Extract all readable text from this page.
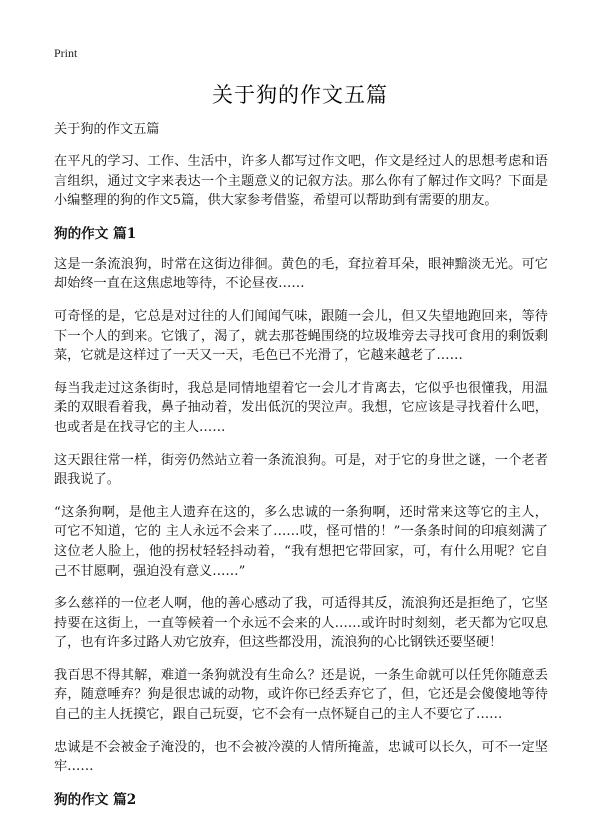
Print
关于狗的作文五篇

关于狗的作文五篇

在平凡的学习、工作、生活中，许多人都写过作文吧，作文是经过人的思想考虑和语言组织，通过文字来表达一个主题意义的记叙方法。那么你有了解过作文吗？下面是小编整理的狗的作文5篇，供大家参考借鉴，希望可以帮助到有需要的朋友。

狗的作文 篇1

这是一条流浪狗，时常在这街边徘徊。黄色的毛，耷拉着耳朵，眼神黯淡无光。可它却始终一直在这焦虑地等待，不论昼夜……

可奇怪的是，它总是对过往的人们闻闻气味，跟随一会儿，但又失望地跑回来，等待下一个人的到来。它饿了，渴了，就去那苍蝇围绕的垃圾堆旁去寻找可食用的剩饭剩菜，它就是这样过了一天又一天，毛色已不光滑了，它越来越老了……

每当我走过这条街时，我总是同情地望着它一会儿才肯离去，它似乎也很懂我，用温柔的双眼看着我，鼻子抽动着，发出低沉的哭泣声。我想，它应该是寻找着什么吧，也或者是在找寻它的主人……

这天跟往常一样，街旁仍然站立着一条流浪狗。可是，对于它的身世之谜，一个老者跟我说了。

“这条狗啊，是他主人遗弃在这的，多么忠诚的一条狗啊，还时常来这等它的主人，可它不知道，它的 主人永远不会来了……哎，怪可惜的！”一条条时间的印痕刻满了这位老人脸上，他的拐杖轻轻抖动着，“我有想把它带回家，可，有什么用呢？它自己不甘愿啊，强迫没有意义……”

多么慈祥的一位老人啊，他的善心感动了我，可适得其反，流浪狗还是拒绝了，它坚持要在这街上，一直等候着一个永远不会来的人……或许时时刻刻，老天都为它叹息了，也有许多过路人劝它放弃，但这些都没用，流浪狗的心比钢铁还要坚硬！

我百思不得其解，难道一条狗就没有生命么？还是说，一条生命就可以任凭你随意丢弃，随意唾弃？狗是很忠诚的动物，或许你已经丢弃它了，但，它还是会傻傻地等待自己的主人抚摸它，跟自己玩耍，它不会有一点怀疑自己的主人不要它了……

忠诚是不会被金子淹没的，也不会被冷漠的人情所掩盖，忠诚可以长久，可不一定坚牢……

狗的作文 篇2
